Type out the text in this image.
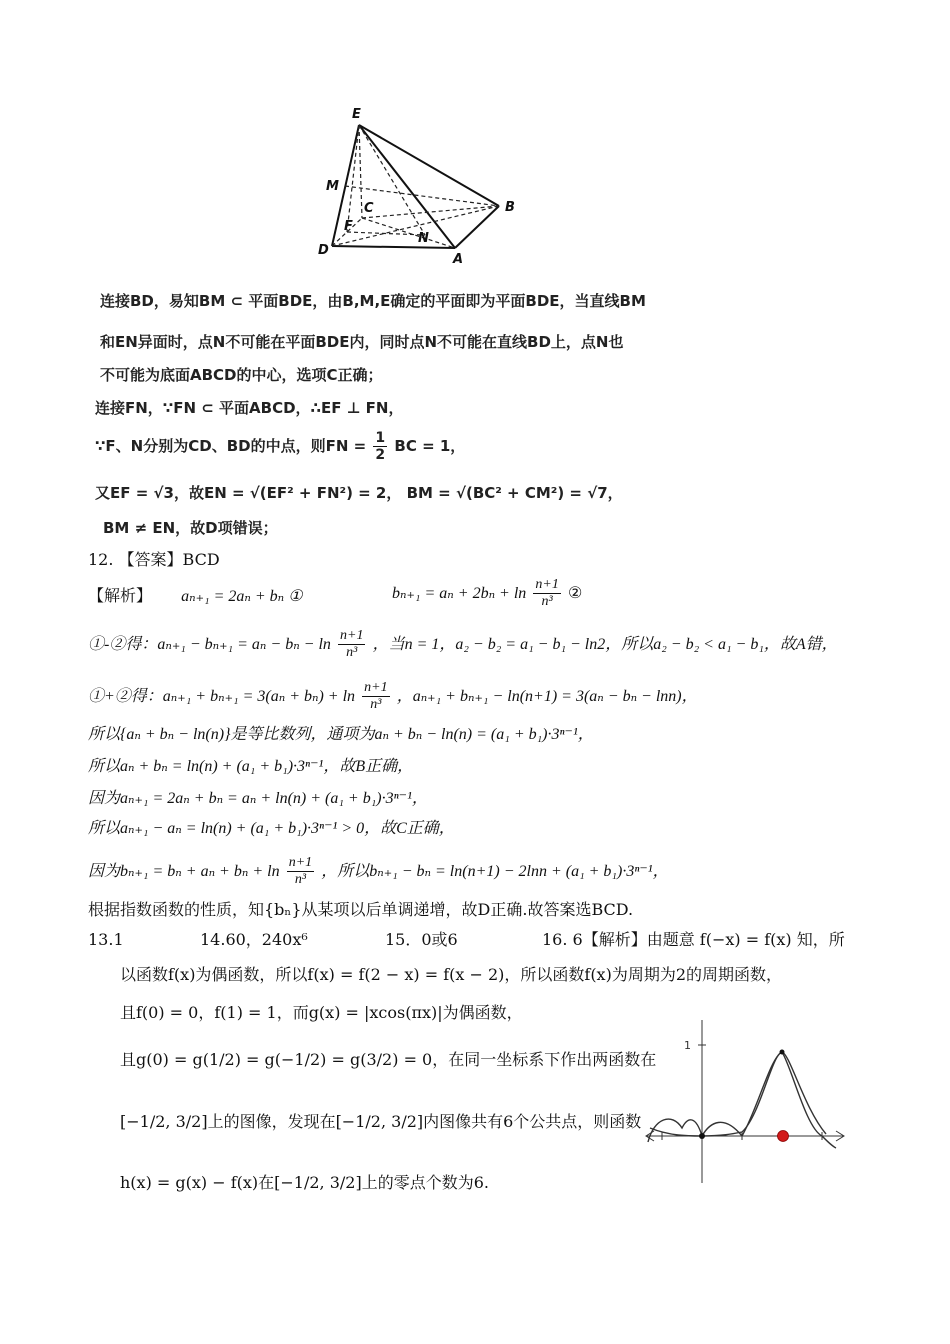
E
M
C	B
F
N
D
A
连接BD，易知BM ⊂ 平面BDE，由B,M,E确定的平面即为平面BDE，当直线BM
和EN异面时，点N不可能在平面BDE内，同时点N不可能在直线BD上，点N也
不可能为底面ABCD的中心，选项C正确；
连接FN，∵FN ⊂ 平面ABCD，∴EF ⊥ FN，
∵F、N分别为CD、BD的中点，则FN = $\frac{1}{2}$ BC = 1，
又EF = √3，故EN = √(EF² + FN²) = 2， BM = √(BC² + CM²) = √7，
BM ≠ EN，故D项错误；
12. 【答案】BCD
【解析】 aₙ₊₁ = 2aₙ + bₙ ①	$b_{n+1} = a_n + 2b_n + \ln \frac{n+1}{\text{n³}}$ ②
①-②得：$a_{n+1} - b_{n+1} = a_n - b_n - \ln \frac{n+1}{\text{n³}}$ ，当n = 1，a₂ − b₂ = a₁ − b₁ − ln2，所以a₂ − b₂ < a₁ − b₁，故A错，
①+②得：$a_{n+1} + b_{n+1} = 3(a_n + b_n) + \ln \frac{n+1}{\text{n³}}$ ，aₙ₊₁ + bₙ₊₁ − ln(n+1) = 3(aₙ − bₙ − lnn)，
所以{aₙ + bₙ − ln(n)}是等比数列，通项为aₙ + bₙ − ln(n) = (a₁ + b₁)·3ⁿ⁻¹，
所以aₙ + bₙ = ln(n) + (a₁ + b₁)·3ⁿ⁻¹，故B正确，
因为aₙ₊₁ = 2aₙ + bₙ = aₙ + ln(n) + (a₁ + b₁)·3ⁿ⁻¹，
所以aₙ₊₁ − aₙ = ln(n) + (a₁ + b₁)·3ⁿ⁻¹ > 0，故C正确，
因为$b_{n+1} = b_n + a_n + b_n + \ln \frac{n+1}{\text{n³}}$ ，所以bₙ₊₁ − bₙ = ln(n+1) − 2lnn + (a₁ + b₁)·3ⁿ⁻¹，
根据指数函数的性质，知{bₙ}从某项以后单调递增，故D正确.故答案选BCD.
13.1	14.60，240x⁶	15．0或6	16. 6【解析】由题意 f(−x) = f(x) 知，所
以函数f(x)为偶函数，所以f(x) = f(2 − x) = f(x − 2)，所以函数f(x)为周期为2的周期函数，
且f(0) = 0，f(1) = 1，而g(x) = |xcos(πx)|为偶函数，
且g(0) = g(1/2) = g(−1/2) = g(3/2) = 0，在同一坐标系下作出两函数在
[−1/2, 3/2]上的图像，发现在[−1/2, 3/2]内图像共有6个公共点，则函数
h(x) = g(x) − f(x)在[−1/2, 3/2]上的零点个数为6.
1
